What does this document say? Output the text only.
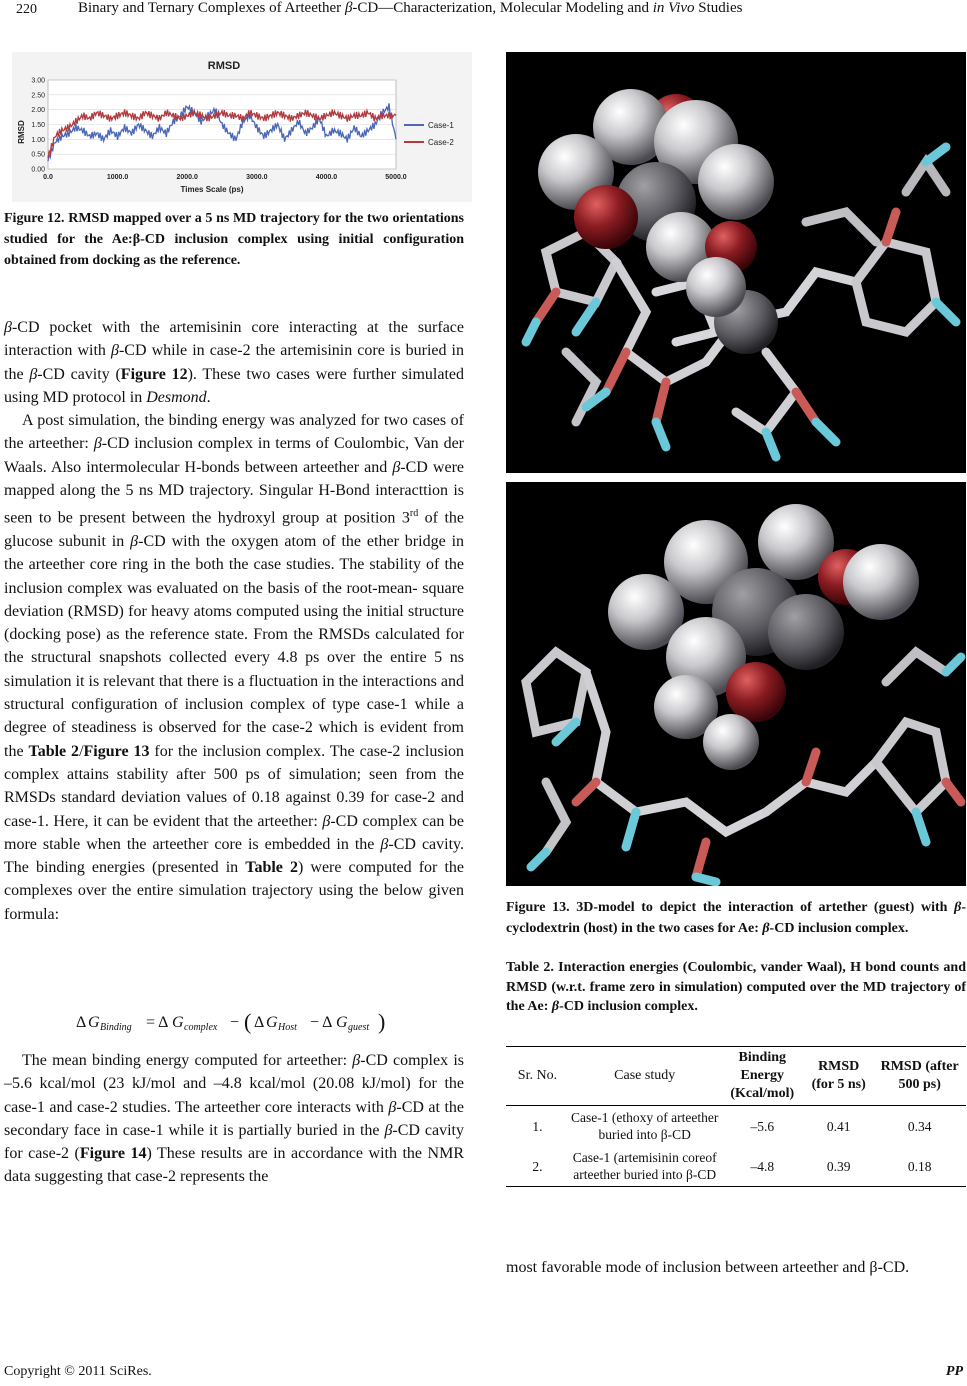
220	Binary and Ternary Complexes of Arteether β-CD—Characterization, Molecular Modeling and in Vivo Studies
RMSD
RMSD
Times Scale (ps)
0.00
0.50
1.00
1.50
2.00
2.50
3.00
0.0	1000.0	2000.0	3000.0	4000.0	5000.0
Case-1
Case-2
Figure 12. RMSD mapped over a 5 ns MD trajectory for the two orientations studied for the Ae:β-CD inclusion complex using initial configuration obtained from docking as the reference.

β-CD pocket with the artemisinin core interacting at the surface interaction with β-CD while in case-2 the artemisinin core is buried in the β-CD cavity (Figure 12). These two cases were further simulated using MD protocol in Desmond.

A post simulation, the binding energy was analyzed for two cases of the arteether: β-CD inclusion complex in terms of Coulombic, Van der Waals. Also intermolecular H-bonds between arteether and β-CD were mapped along the 5 ns MD trajectory. Singular H-Bond interacttion is seen to be present between the hydroxyl group at position 3rd of the glucose subunit in β-CD with the oxygen atom of the ether bridge in the arteether core ring in the both the case studies. The stability of the inclusion complex was evaluated on the basis of the root-mean- square deviation (RMSD) for heavy atoms computed using the initial structure (docking pose) as the reference state. From the RMSDs calculated for the structural snapshots collected every 4.8 ps over the entire 5 ns simulation it is relevant that there is a fluctuation in the interactions and structural configuration of inclusion complex of type case-1 while a degree of steadiness is observed for the case-2 which is evident from the Table 2/Figure 13 for the inclusion complex. The case-2 inclusion complex attains stability after 500 ps of simulation; seen from the RMSDs standard deviation values of 0.18 against 0.39 for case-2 and case-1. Here, it can be evident that the arteether: β-CD complex can be more stable when the arteether core is embedded in the β-CD cavity. The binding energies (presented in Table 2) were computed for the complexes over the entire simulation trajectory using the below given formula:

Δ G Binding = Δ G complex − ( Δ G Host − Δ G guest )

The mean binding energy computed for arteether: β-CD complex is –5.6 kcal/mol (23 kJ/mol and –4.8 kcal/mol (20.08 kJ/mol) for the case-1 and case-2 studies. The arteether core interacts with β-CD at the secondary face in case-1 while it is partially buried in the β-CD cavity for case-2 (Figure 14) These results are in accordance with the NMR data suggesting that case-2 represents the

Figure 13. 3D-model to depict the interaction of artether (guest) with β-cyclodextrin (host) in the two cases for Ae: β-CD inclusion complex.
Table 2. Interaction energies (Coulombic, vander Waal), H bond counts and RMSD (w.r.t. frame zero in simulation) computed over the MD trajectory of the Ae: β-CD inclusion complex.
Sr. No.	Case study	Binding Energy (Kcal/mol)	RMSD (for 5 ns)	RMSD (after 500 ps)
1.	Case-1 (ethoxy of arteether buried into β-CD	–5.6	0.41	0.34
2.	Case-1 (artemisinin coreof arteether buried into β-CD	–4.8	0.39	0.18
most favorable mode of inclusion between arteether and β-CD.
Copyright © 2011 SciRes.	PP
